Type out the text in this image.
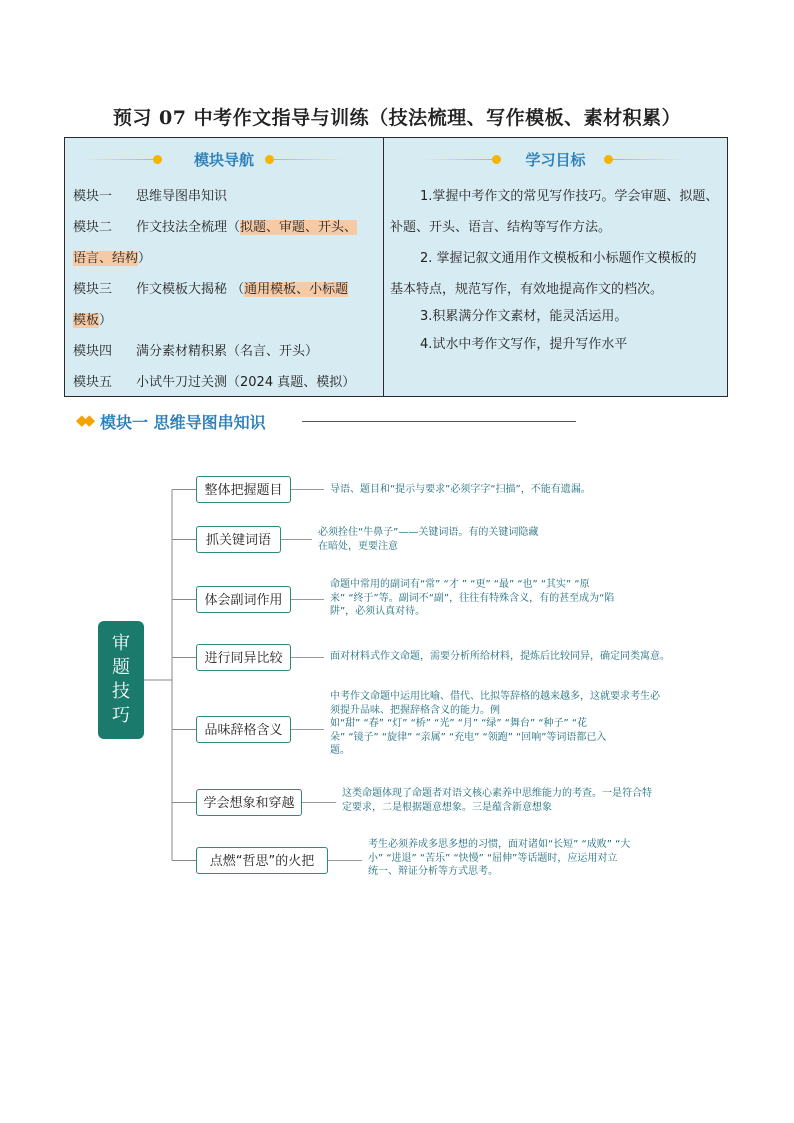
预习 07 中考作文指导与训练（技法梳理、写作模板、素材积累）
模块导航
模块一 思维导图串知识
模块二 作文技法全梳理（拟题、审题、开头、
语言、结构）
模块三 作文模板大揭秘 （通用模板、小标题
模板）
模块四 满分素材精积累（名言、开头）
模块五 小试牛刀过关测（2024 真题、模拟）
学习目标
1.掌握中考作文的常见写作技巧。学会审题、拟题、
补题、开头、语言、结构等写作方法。
2. 掌握记叙文通用作文模板和小标题作文模板的
基本特点，规范写作，有效地提高作文的档次。
3.积累满分作文素材，能灵活运用。
4.试水中考作文写作，提升写作水平
◆◆ 模块一 思维导图串知识
审
题
技
巧
整体把握题目	导语、题目和“提示与要求”必须字字“扫描”，不能有遗漏。
抓关键词语
必须拴住“牛鼻子”——关键词语。有的关键词隐藏
在暗处，更要注意
体会副词作用
命题中常用的副词有“常” “才 ” “更” “最” “也” “其实” “原
来” “终于”等。副词不“副”，往往有特殊含义，有的甚至成为“陷
阱”，必须认真对待。
进行同异比较	面对材料式作文命题，需要分析所给材料，提炼后比较同异，确定同类寓意。
品味辞格含义
中考作文命题中运用比喻、借代、比拟等辞格的越来越多，这就要求考生必
须提升品味、把握辞格含义的能力。例
如“甜” “春” “灯” “桥” “光” “月” “绿” “舞台” “种子” “花
朵” “镜子” “旋律” “亲属” “充电” “领跑” “回响”等词语都已入
题。
学会想象和穿越
这类命题体现了命题者对语文核心素养中思维能力的考查。一是符合特
定要求，二是根据题意想象。三是蕴含新意想象
点燃“哲思”的火把
考生必须养成多思多想的习惯，面对诸如“长短” “成败” “大
小” “进退” “苦乐” “快慢” “屈伸”等话题时，应运用对立
统一、辩证分析等方式思考。
